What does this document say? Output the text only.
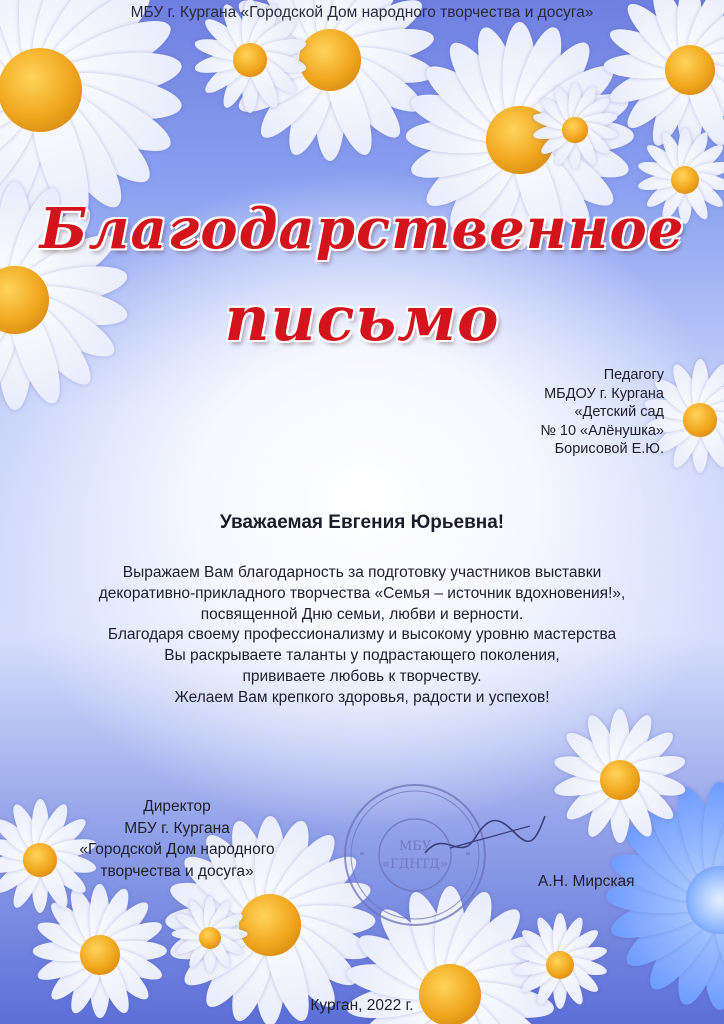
МБУ г. Кургана «Городской Дом народного творчества и досуга»
Благодарственное
письмо
Педагогу
МБДОУ г. Кургана
«Детский сад
№ 10 «Алёнушка»
Борисовой Е.Ю.
Уважаемая Евгения Юрьевна!
Выражаем Вам благодарность за подготовку участников выставки
декоративно-прикладного творчества «Семья – источник вдохновения!»,
посвященной Дню семьи, любви и верности.
Благодаря своему профессионализму и высокому уровню мастерства
Вы раскрываете таланты у подрастающего поколения,
прививаете любовь к творчеству.
Желаем Вам крепкого здоровья, радости и успехов!
Директор
МБУ г. Кургана
«Городской Дом народного
творчества и досуга»
МБУ
«ГДНТД»
А.Н. Мирская
Курган, 2022 г.
